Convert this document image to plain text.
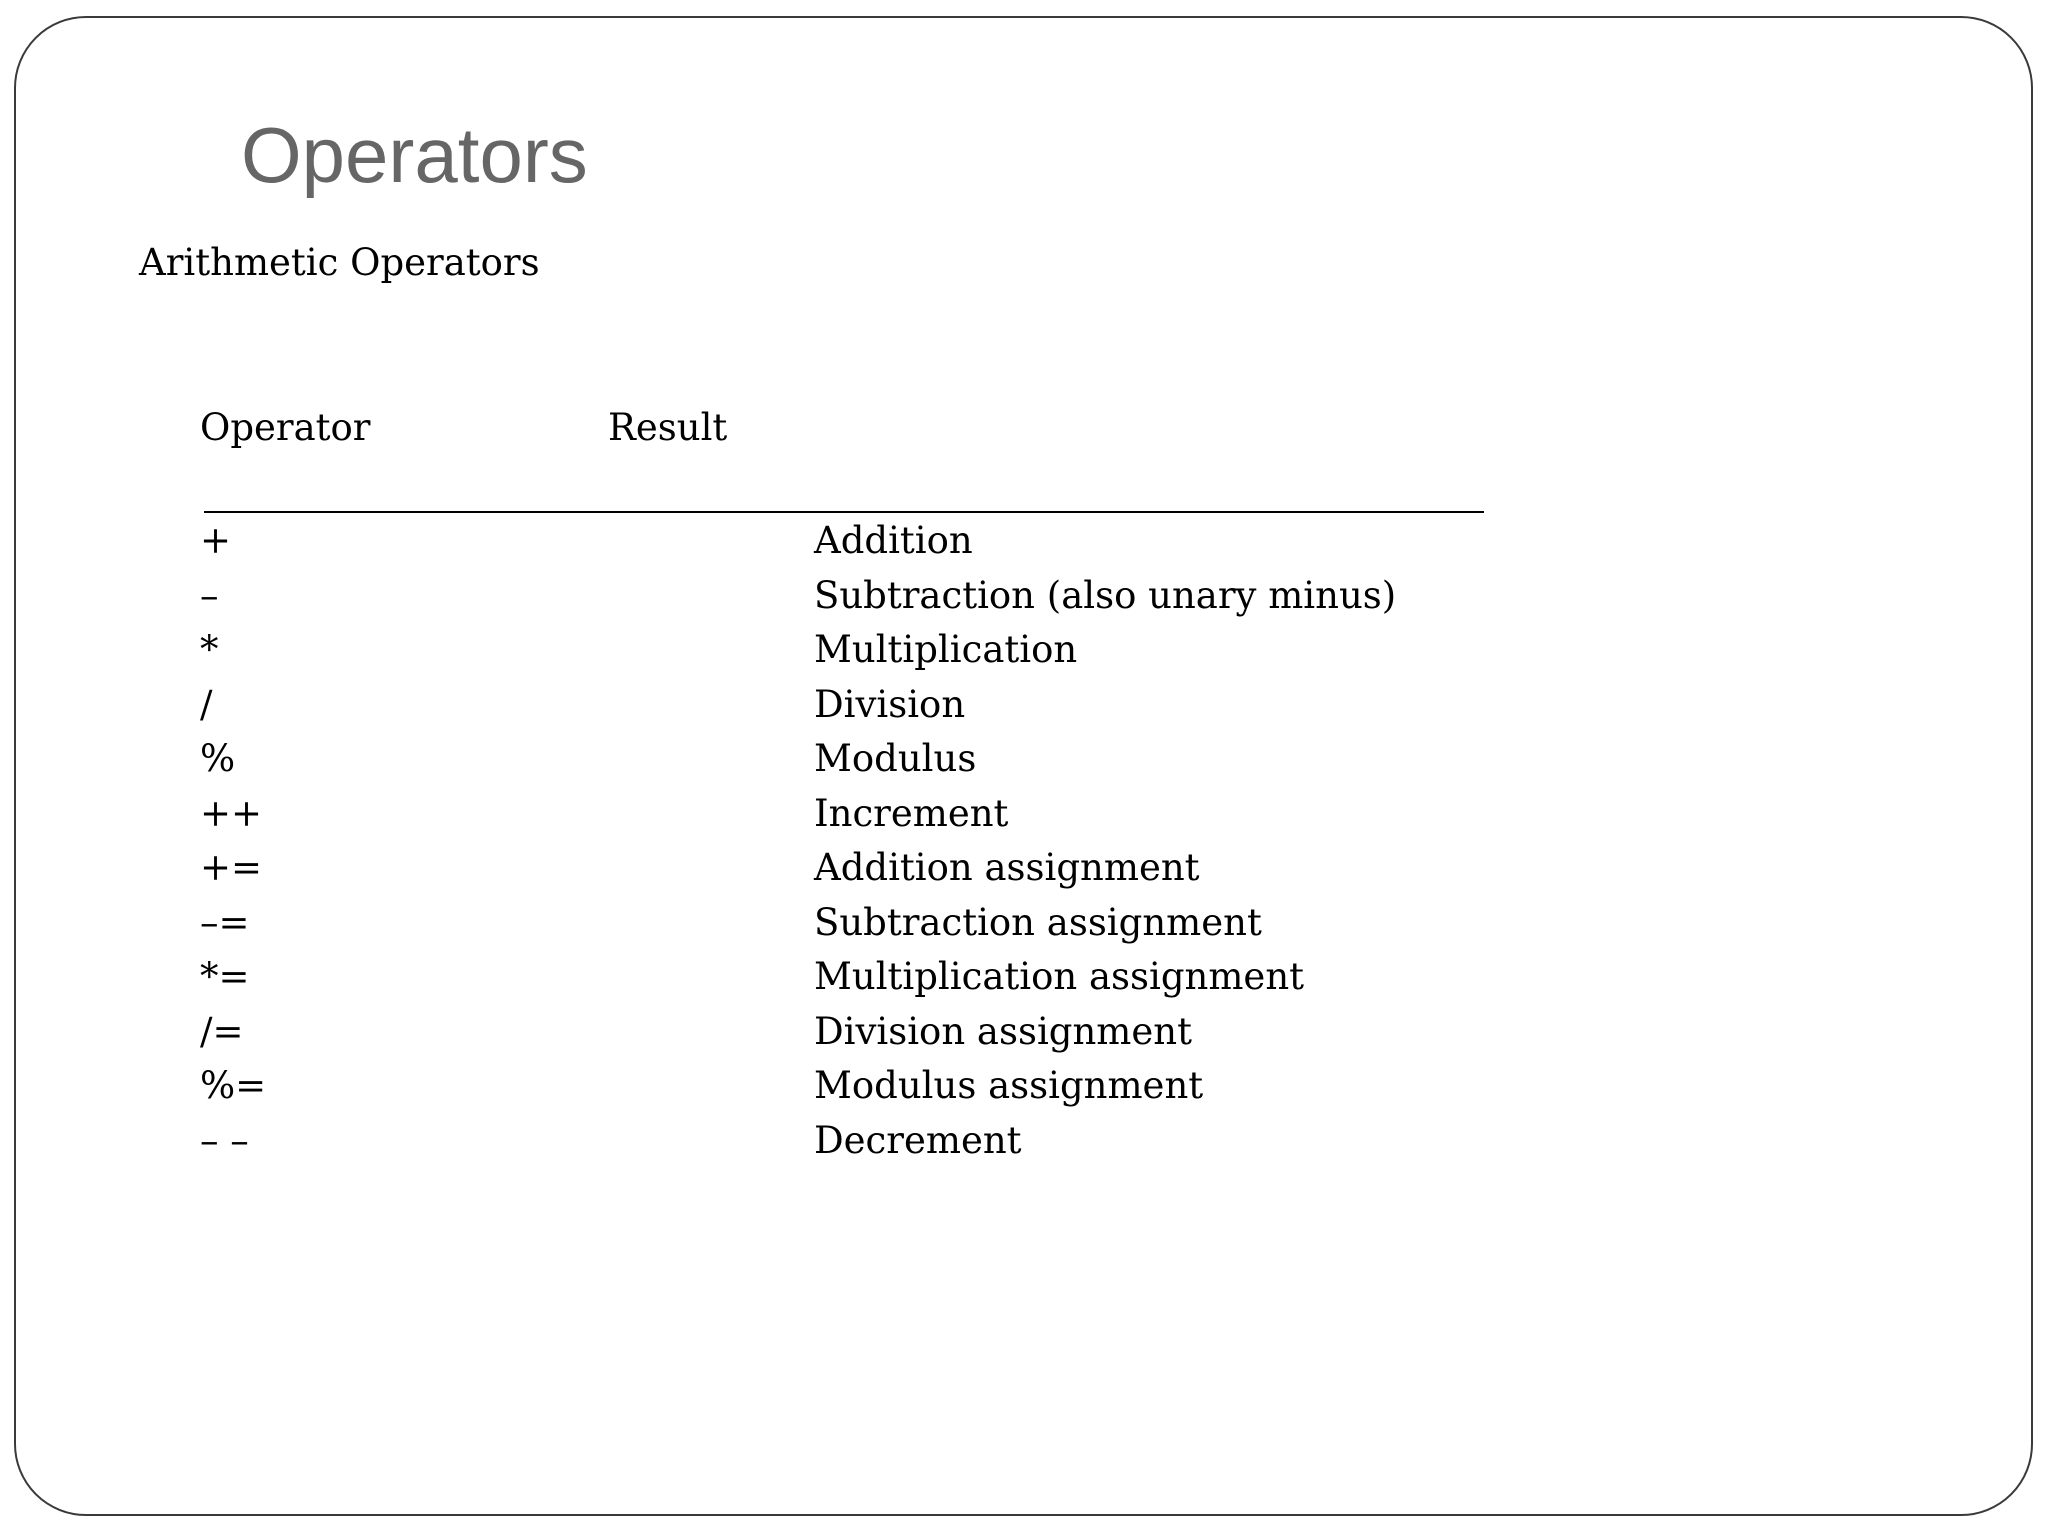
Operators
Arithmetic Operators
Operator	Result
+	Addition
–	Subtraction (also unary minus)
*	Multiplication
/	Division
%	Modulus
++	Increment
+=	Addition assignment
–=	Subtraction assignment
*=	Multiplication assignment
/=	Division assignment
%=	Modulus assignment
– –	Decrement
